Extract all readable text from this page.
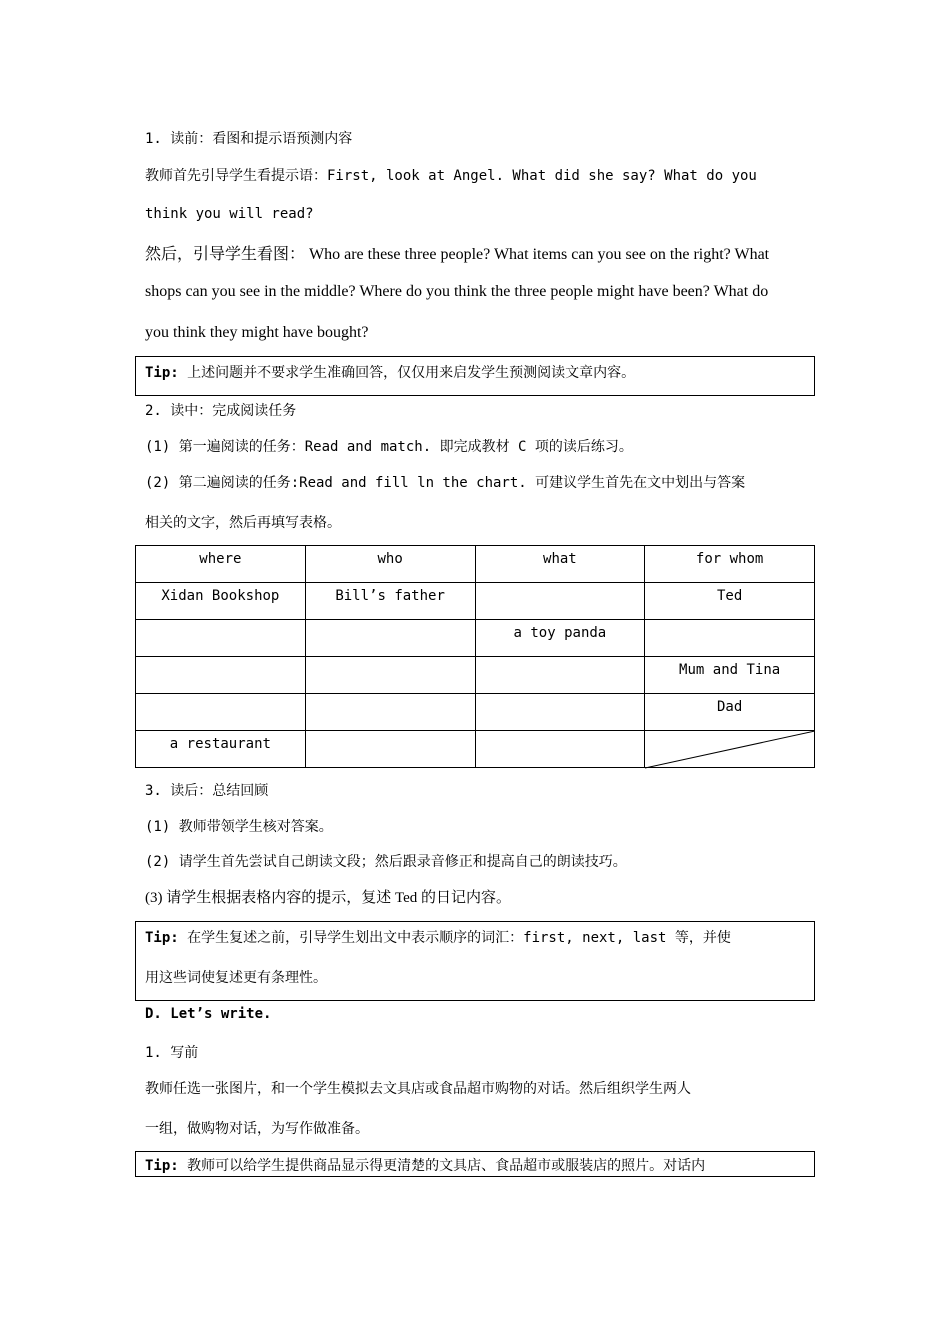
1. 读前：看图和提示语预测内容
教师首先引导学生看提示语：First, look at Angel. What did she say? What do you
think you will read?
然后，引导学生看图： Who are these three people? What items can you see on the right? What
shops can you see in the middle? Where do you think the three people might have been? What do
you think they might have bought?
Tip: 上述问题并不要求学生准确回答，仅仅用来启发学生预测阅读文章内容。
2. 读中：完成阅读任务
(1) 第一遍阅读的任务：Read and match. 即完成教材 C 项的读后练习。
(2) 第二遍阅读的任务:Read and fill ln the chart. 可建议学生首先在文中划出与答案
相关的文字，然后再填写表格。
where	who	what	for whom
Xidan Bookshop	Bill’s father		Ted
		a toy panda	
			Mum and Tina
			Dad
a restaurant			
3. 读后：总结回顾
(1) 教师带领学生核对答案。
(2) 请学生首先尝试自己朗读文段；然后跟录音修正和提高自己的朗读技巧。
(3) 请学生根据表格内容的提示，复述 Ted 的日记内容。
Tip: 在学生复述之前，引导学生划出文中表示顺序的词汇：first, next, last 等，并使
用这些词使复述更有条理性。
D. Let’s write.
1. 写前
教师任选一张图片，和一个学生模拟去文具店或食品超市购物的对话。然后组织学生两人
一组，做购物对话，为写作做准备。
Tip: 教师可以给学生提供商品显示得更清楚的文具店、食品超市或服装店的照片。对话内
